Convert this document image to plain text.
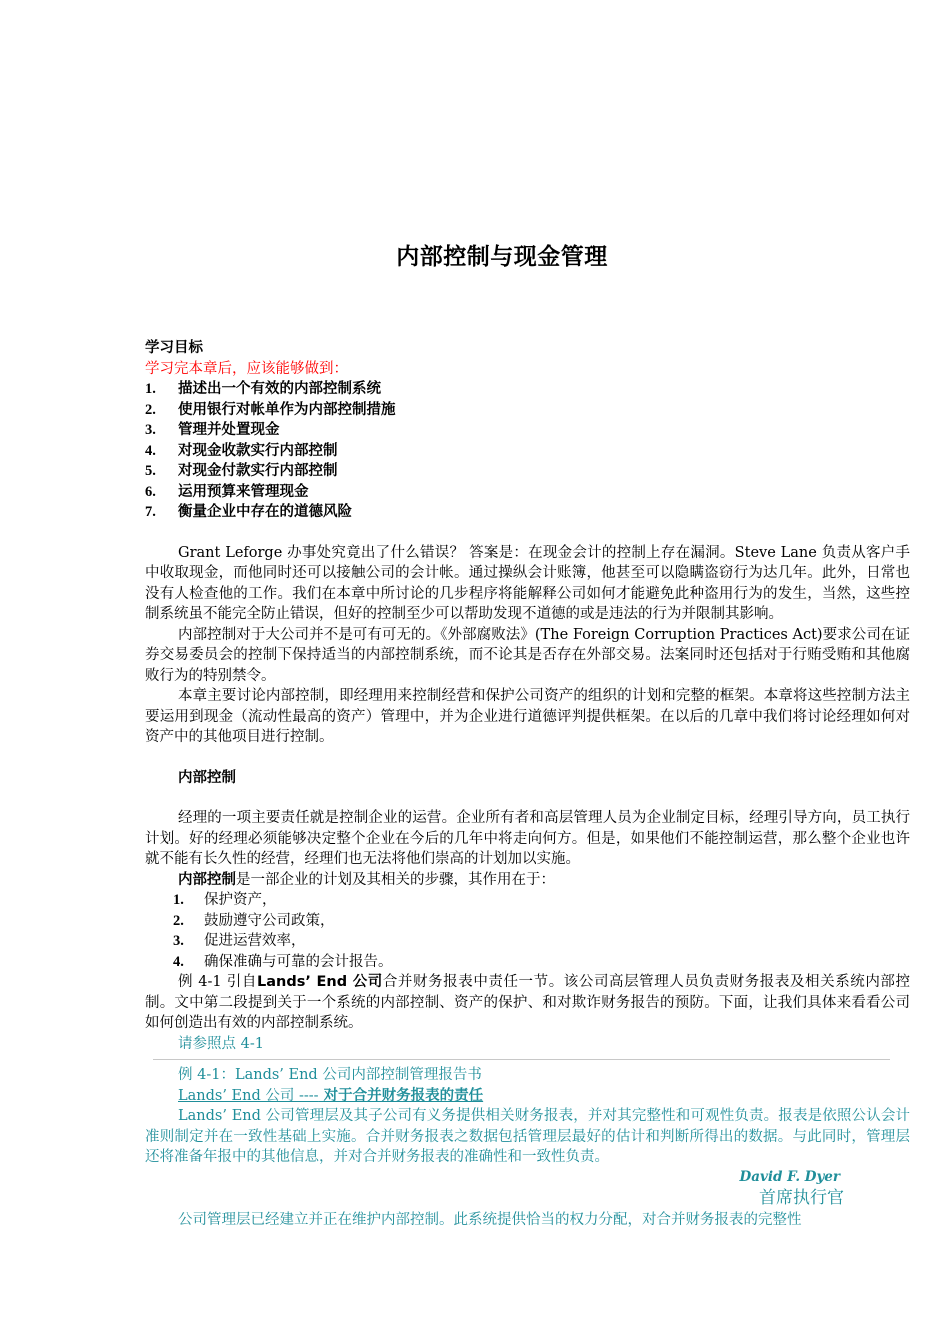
内部控制与现金管理
学习目标
学习完本章后，应该能够做到：
1.	描述出一个有效的内部控制系统
2.	使用银行对帐单作为内部控制措施
3.	管理并处置现金
4.	对现金收款实行内部控制
5.	对现金付款实行内部控制
6.	运用预算来管理现金
7.	衡量企业中存在的道德风险

Grant Leforge 办事处究竟出了什么错误？ 答案是：在现金会计的控制上存在漏洞。Steve Lane 负责从客户手中收取现金，而他同时还可以接触公司的会计帐。通过操纵会计账簿，他甚至可以隐瞒盗窃行为达几年。此外，日常也没有人检查他的工作。我们在本章中所讨论的几步程序将能解释公司如何才能避免此种盗用行为的发生，当然，这些控制系统虽不能完全防止错误，但好的控制至少可以帮助发现不道德的或是违法的行为并限制其影响。

内部控制对于大公司并不是可有可无的。《外部腐败法》(The Foreign Corruption Practices Act)要求公司在证券交易委员会的控制下保持适当的内部控制系统，而不论其是否存在外部交易。法案同时还包括对于行贿受贿和其他腐败行为的特别禁令。

本章主要讨论内部控制，即经理用来控制经营和保护公司资产的组织的计划和完整的框架。本章将这些控制方法主要运用到现金（流动性最高的资产）管理中，并为企业进行道德评判提供框架。在以后的几章中我们将讨论经理如何对资产中的其他项目进行控制。

内部控制

经理的一项主要责任就是控制企业的运营。企业所有者和高层管理人员为企业制定目标，经理引导方向，员工执行计划。好的经理必须能够决定整个企业在今后的几年中将走向何方。但是，如果他们不能控制运营，那么整个企业也许就不能有长久性的经营，经理们也无法将他们崇高的计划加以实施。

内部控制是一部企业的计划及其相关的步骤，其作用在于：

1.	保护资产，
2.	鼓励遵守公司政策，
3.	促进运营效率，
4.	确保准确与可靠的会计报告。

例 4-1 引自Lands’ End 公司合并财务报表中责任一节。该公司高层管理人员负责财务报表及相关系统内部控制。文中第二段提到关于一个系统的内部控制、资产的保护、和对欺诈财务报告的预防。下面，让我们具体来看看公司如何创造出有效的内部控制系统。

请参照点 4-1
例 4-1：Lands’ End 公司内部控制管理报告书
Lands’ End 公司 ---- 对于合并财务报表的责任

Lands’ End 公司管理层及其子公司有义务提供相关财务报表，并对其完整性和可观性负责。报表是依照公认会计准则制定并在一致性基础上实施。合并财务报表之数据包括管理层最好的估计和判断所得出的数据。与此同时，管理层还将准备年报中的其他信息，并对合并财务报表的准确性和一致性负责。

David F. Dyer
首席执行官

公司管理层已经建立并正在维护内部控制。此系统提供恰当的权力分配，对合并财务报表的完整性
